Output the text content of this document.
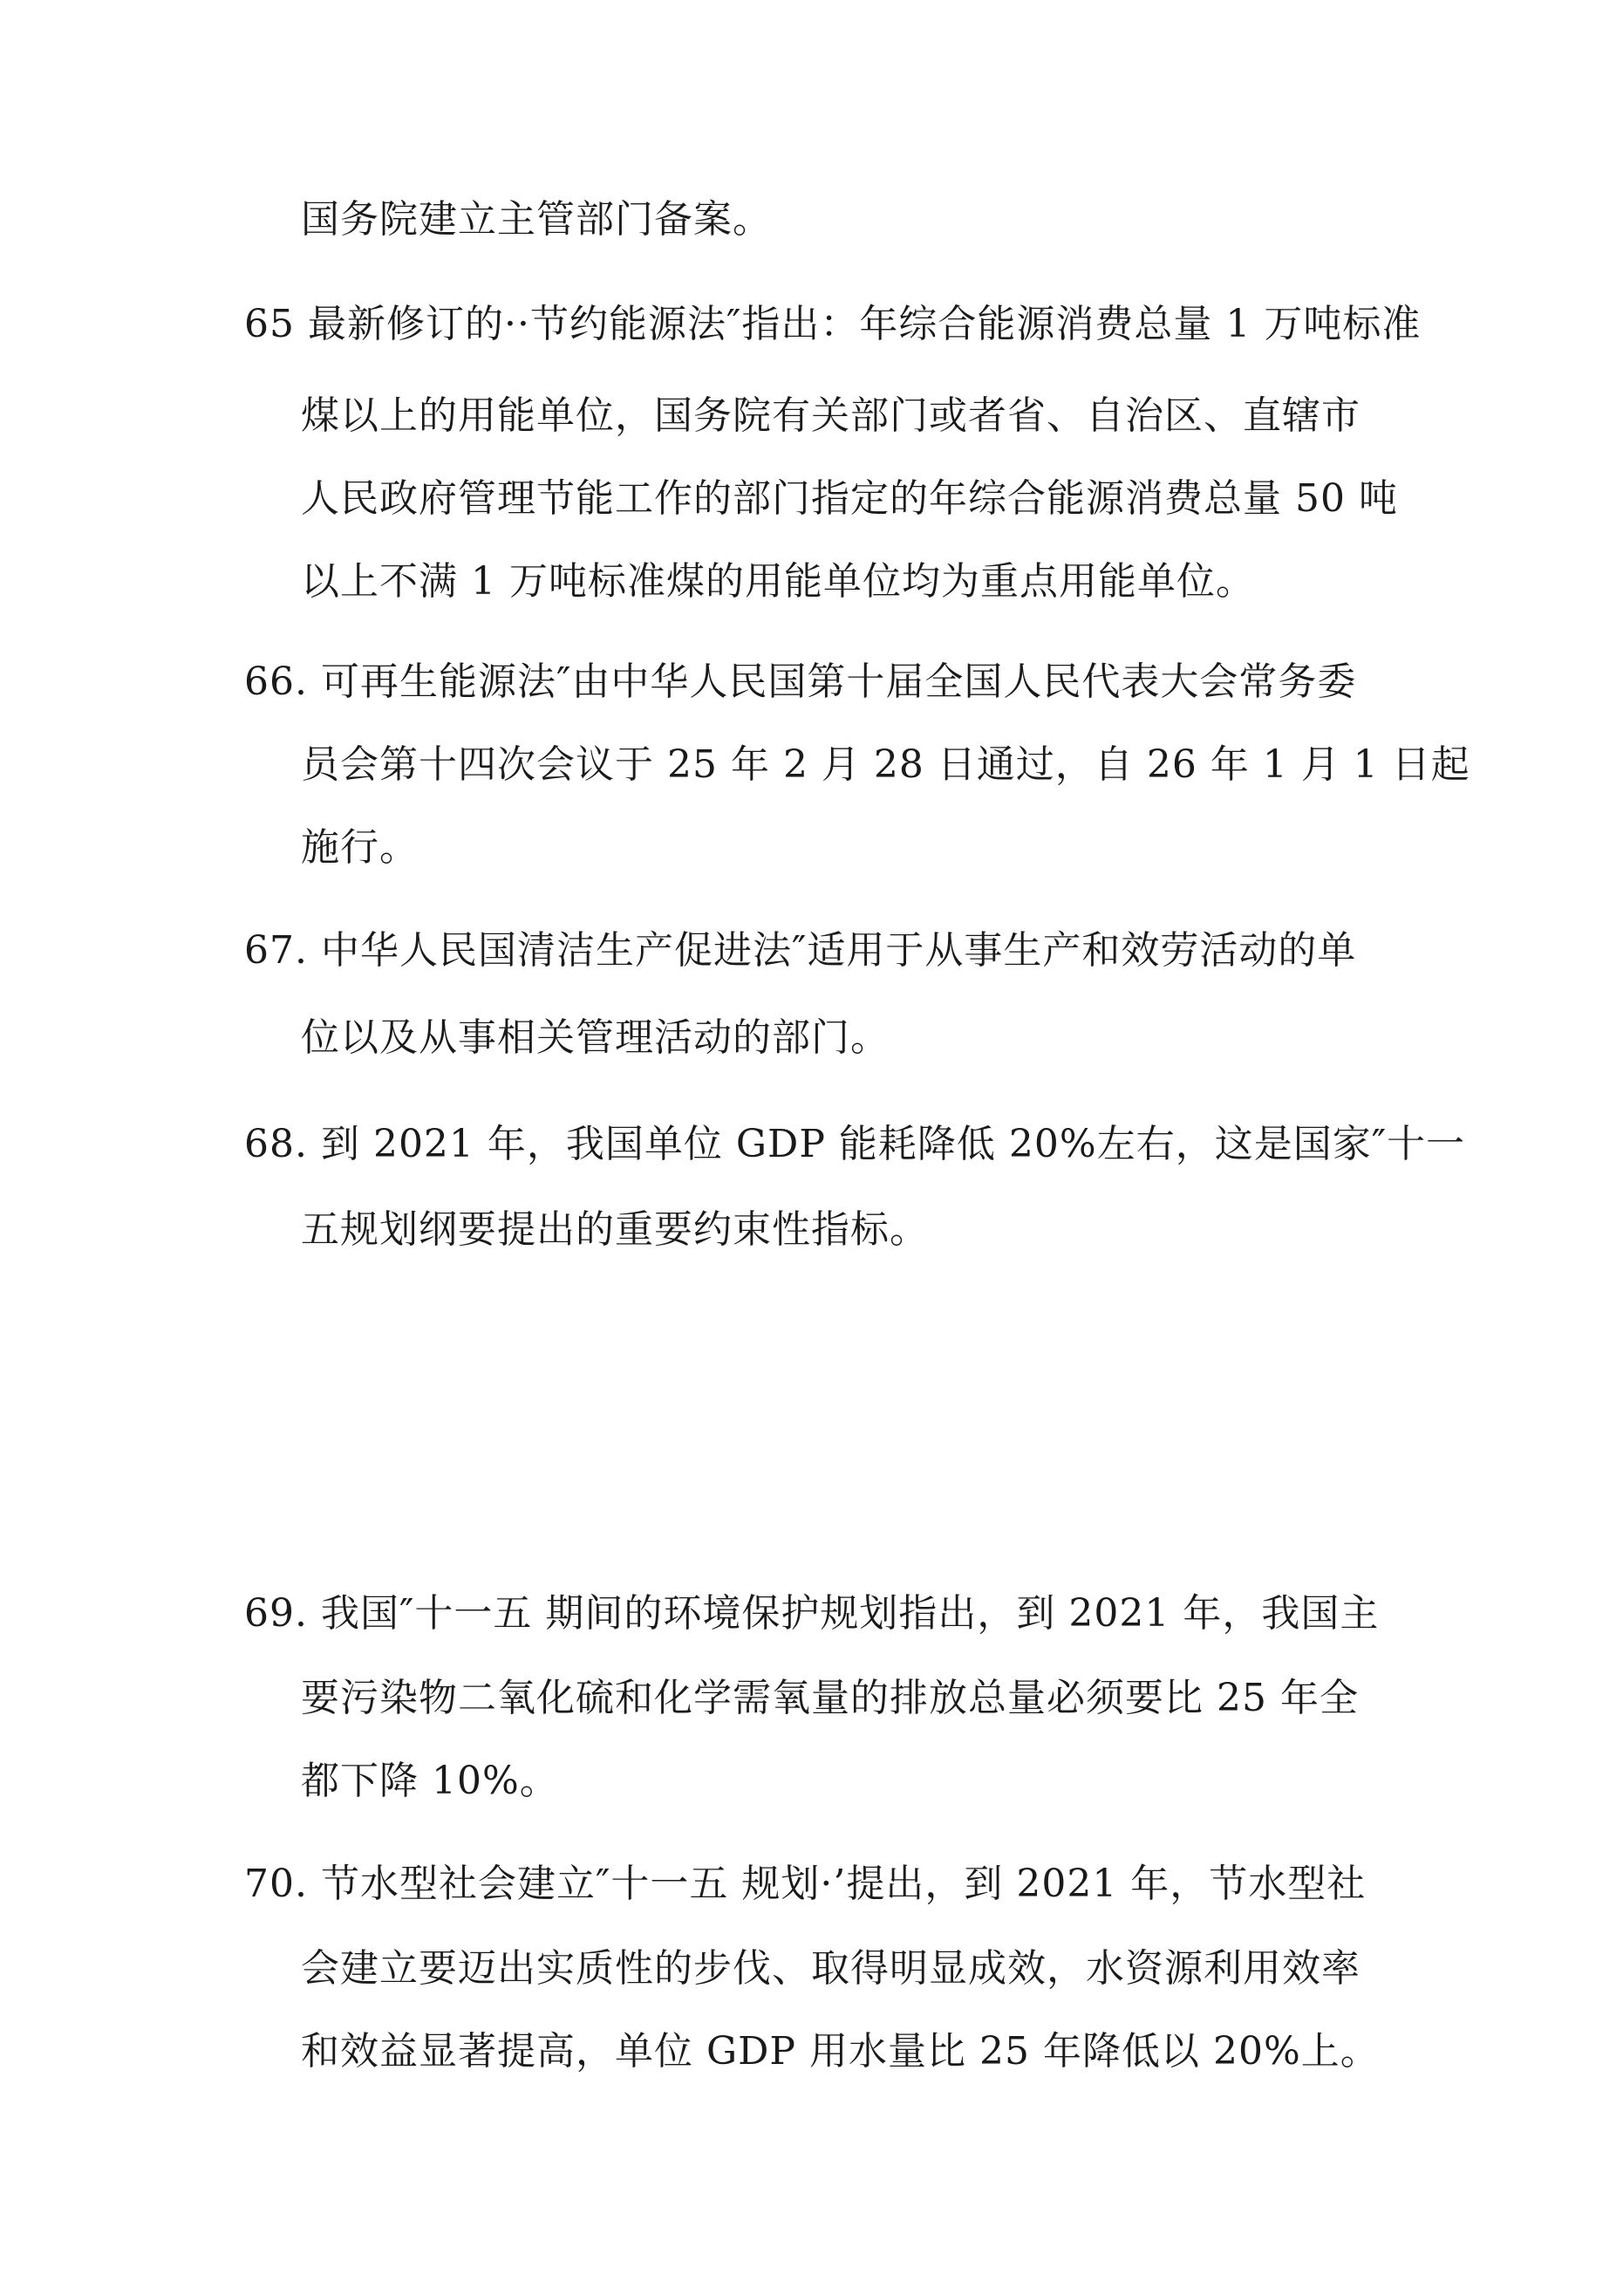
国务院建立主管部门备案。
65 最新修订的··节约能源法″指出：年综合能源消费总量 1 万吨标准
煤以上的用能单位，国务院有关部门或者省、自治区、直辖市
人民政府管理节能工作的部门指定的年综合能源消费总量 50 吨
以上不满 1 万吨标准煤的用能单位均为重点用能单位。
66. 可再生能源法″由中华人民国第十届全国人民代表大会常务委
员会第十四次会议于 25 年 2 月 28 日通过，自 26 年 1 月 1 日起
施行。
67. 中华人民国清洁生产促进法″适用于从事生产和效劳活动的单
位以及从事相关管理活动的部门。
68. 到 2021 年，我国单位 GDP 能耗降低 20%左右，这是国家″十一
五规划纲要提出的重要约束性指标。
69. 我国″十一五 期间的环境保护规划指出，到 2021 年，我国主
要污染物二氧化硫和化学需氧量的排放总量必须要比 25 年全
都下降 10%。
70. 节水型社会建立″十一五 规划·’提出，到 2021 年，节水型社
会建立要迈出实质性的步伐、取得明显成效，水资源利用效率
和效益显著提高，单位 GDP 用水量比 25 年降低以 20%上。
